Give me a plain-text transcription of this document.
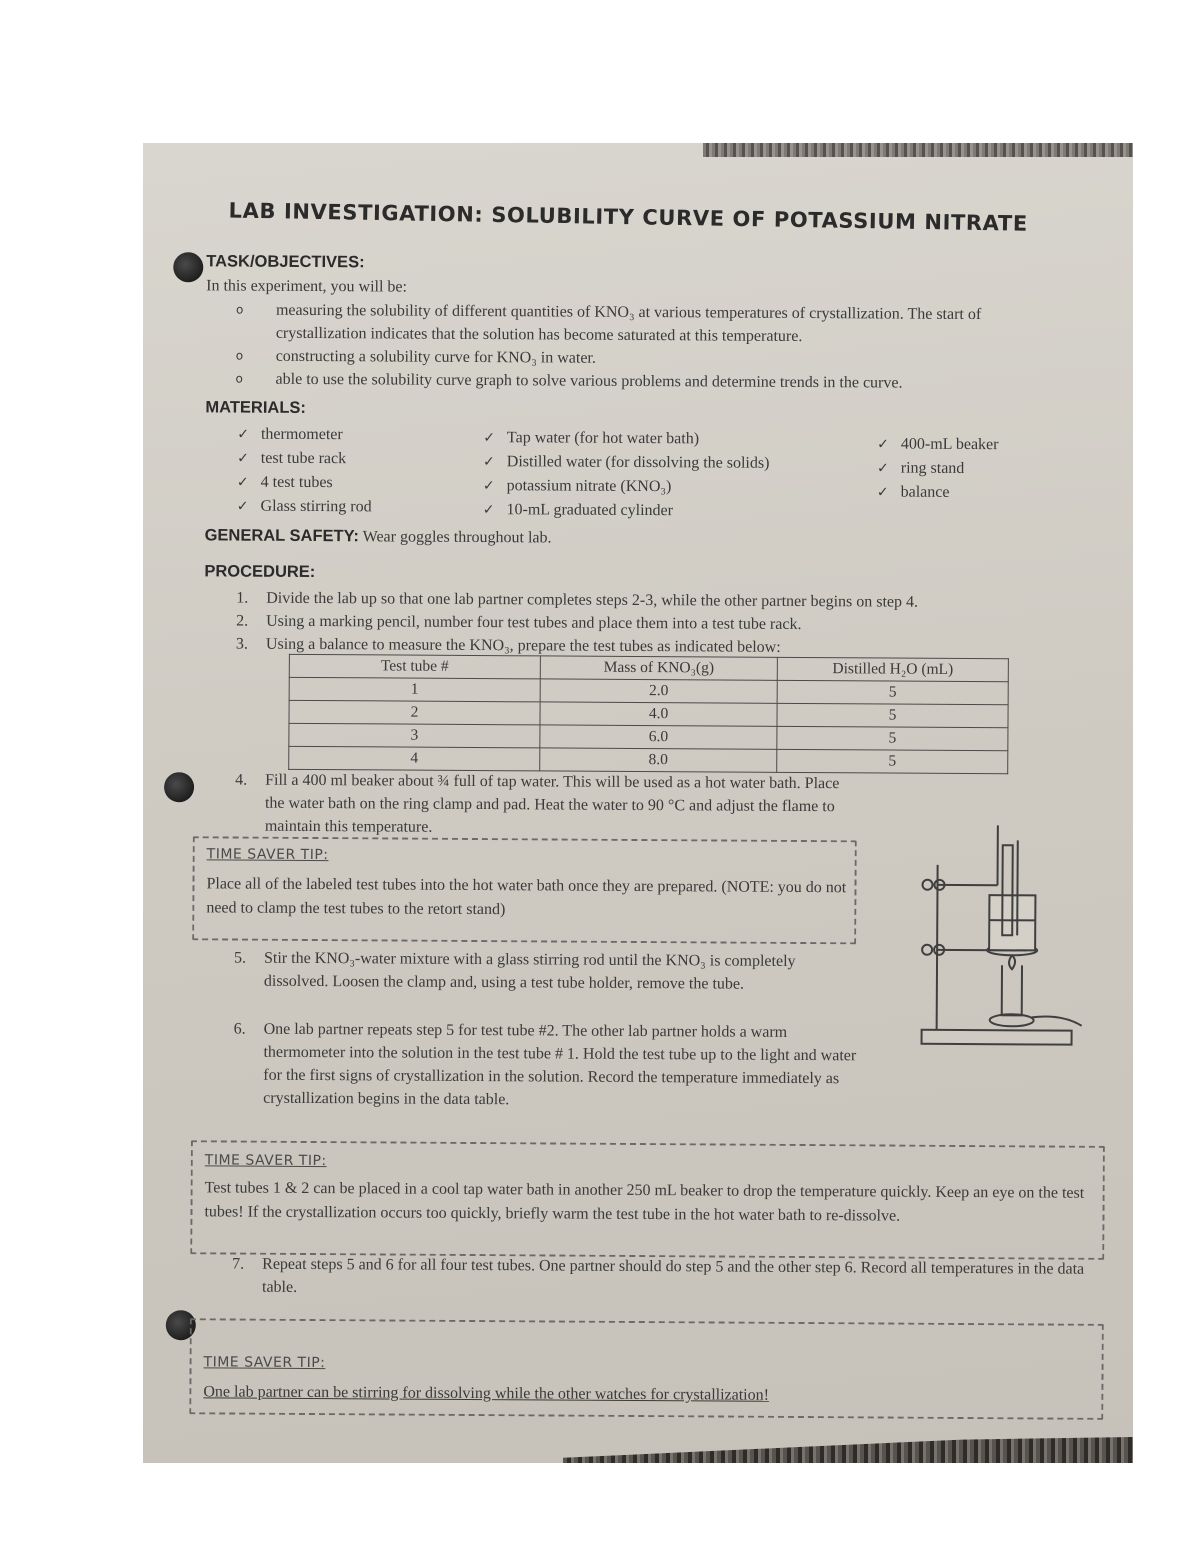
LAB INVESTIGATION: SOLUBILITY CURVE OF POTASSIUM NITRATE
TASK/OBJECTIVES:
In this experiment, you will be:
o measuring the solubility of different quantities of KNO₃ at various temperatures of crystallization. The start of crystallization indicates that the solution has become saturated at this temperature.
o constructing a solubility curve for KNO₃ in water.
o able to use the solubility curve graph to solve various problems and determine trends in the curve.
MATERIALS:
✓ thermometer
✓ test tube rack
✓ 4 test tubes
✓ Glass stirring rod
✓ Tap water (for hot water bath)
✓ Distilled water (for dissolving the solids)
✓ potassium nitrate (KNO₃)
✓ 10-mL graduated cylinder
✓ 400-mL beaker
✓ ring stand
✓ balance
GENERAL SAFETY: Wear goggles throughout lab.
PROCEDURE:
1.	Divide the lab up so that one lab partner completes steps 2-3, while the other partner begins on step 4.
2.	Using a marking pencil, number four test tubes and place them into a test tube rack.
3.	Using a balance to measure the KNO₃, prepare the test tubes as indicated below:
Test tube #	Mass of KNO₃(g)	Distilled H₂O (mL)
1	2.0	5
2	4.0	5
3	6.0	5
4	8.0	5
4.	Fill a 400 ml beaker about ¾ full of tap water. This will be used as a hot water bath. Place the water bath on the ring clamp and pad. Heat the water to 90 °C and adjust the flame to maintain this temperature.
TIME SAVER TIP:
Place all of the labeled test tubes into the hot water bath once they are prepared. (NOTE: you do not need to clamp the test tubes to the retort stand)
5.	Stir the KNO₃-water mixture with a glass stirring rod until the KNO₃ is completely dissolved. Loosen the clamp and, using a test tube holder, remove the tube.
6.	One lab partner repeats step 5 for test tube #2. The other lab partner holds a warm thermometer into the solution in the test tube # 1. Hold the test tube up to the light and water for the first signs of crystallization in the solution. Record the temperature immediately as crystallization begins in the data table.
TIME SAVER TIP:
Test tubes 1 & 2 can be placed in a cool tap water bath in another 250 mL beaker to drop the temperature quickly. Keep an eye on the test tubes! If the crystallization occurs too quickly, briefly warm the test tube in the hot water bath to re-dissolve.
7.	Repeat steps 5 and 6 for all four test tubes. One partner should do step 5 and the other step 6. Record all temperatures in the data table.
TIME SAVER TIP:
One lab partner can be stirring for dissolving while the other watches for crystallization!
